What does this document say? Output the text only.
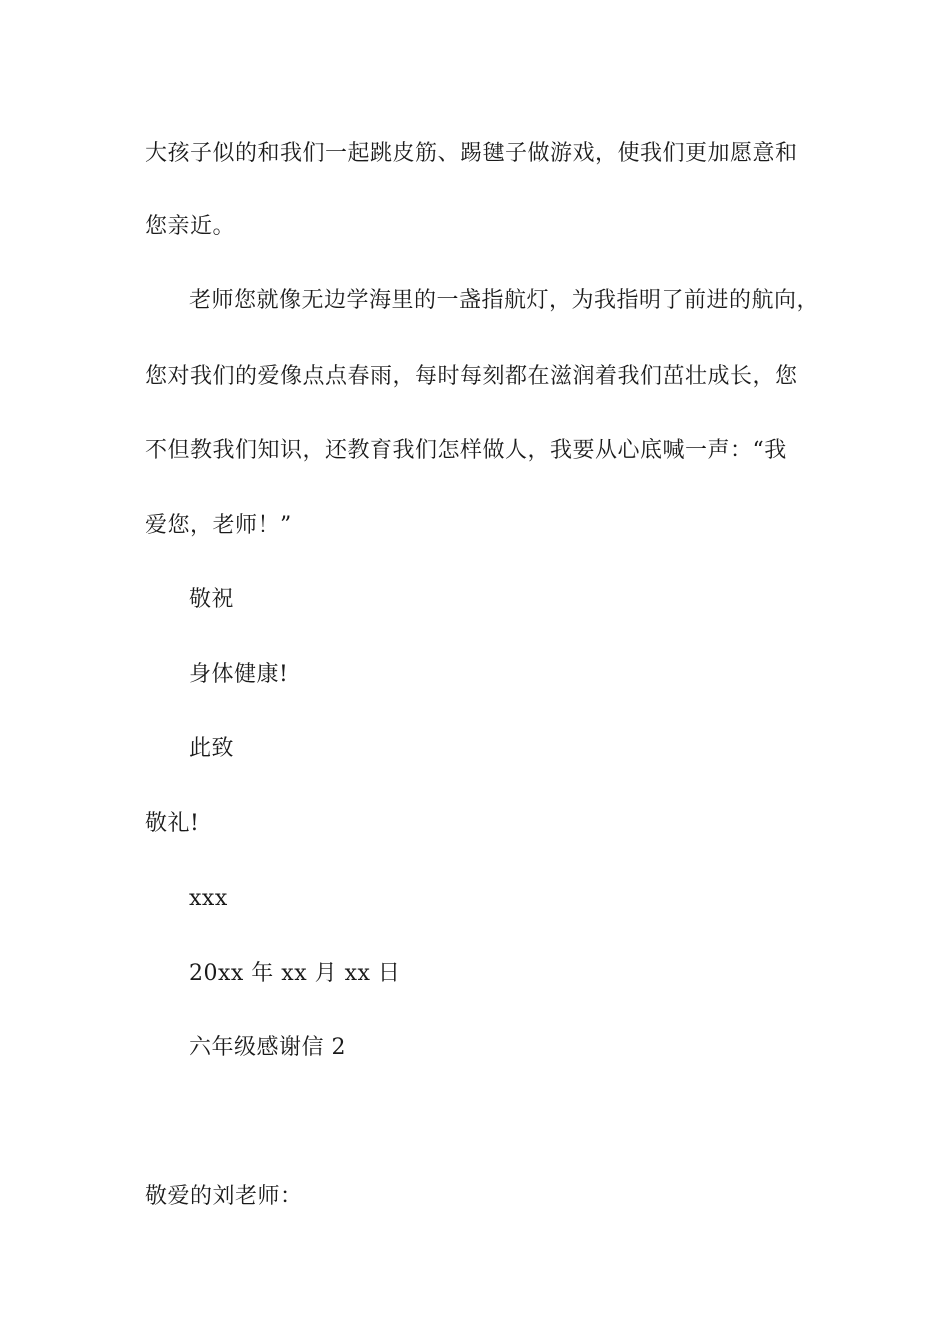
大孩子似的和我们一起跳皮筋、踢毽子做游戏，使我们更加愿意和
您亲近。
老师您就像无边学海里的一盏指航灯，为我指明了前进的航向，
您对我们的爱像点点春雨，每时每刻都在滋润着我们茁壮成长，您
不但教我们知识，还教育我们怎样做人，我要从心底喊一声：“我
爱您，老师！”
敬祝
身体健康!
此致
敬礼!
xxx
20xx 年 xx 月 xx 日
六年级感谢信 2
敬爱的刘老师：
